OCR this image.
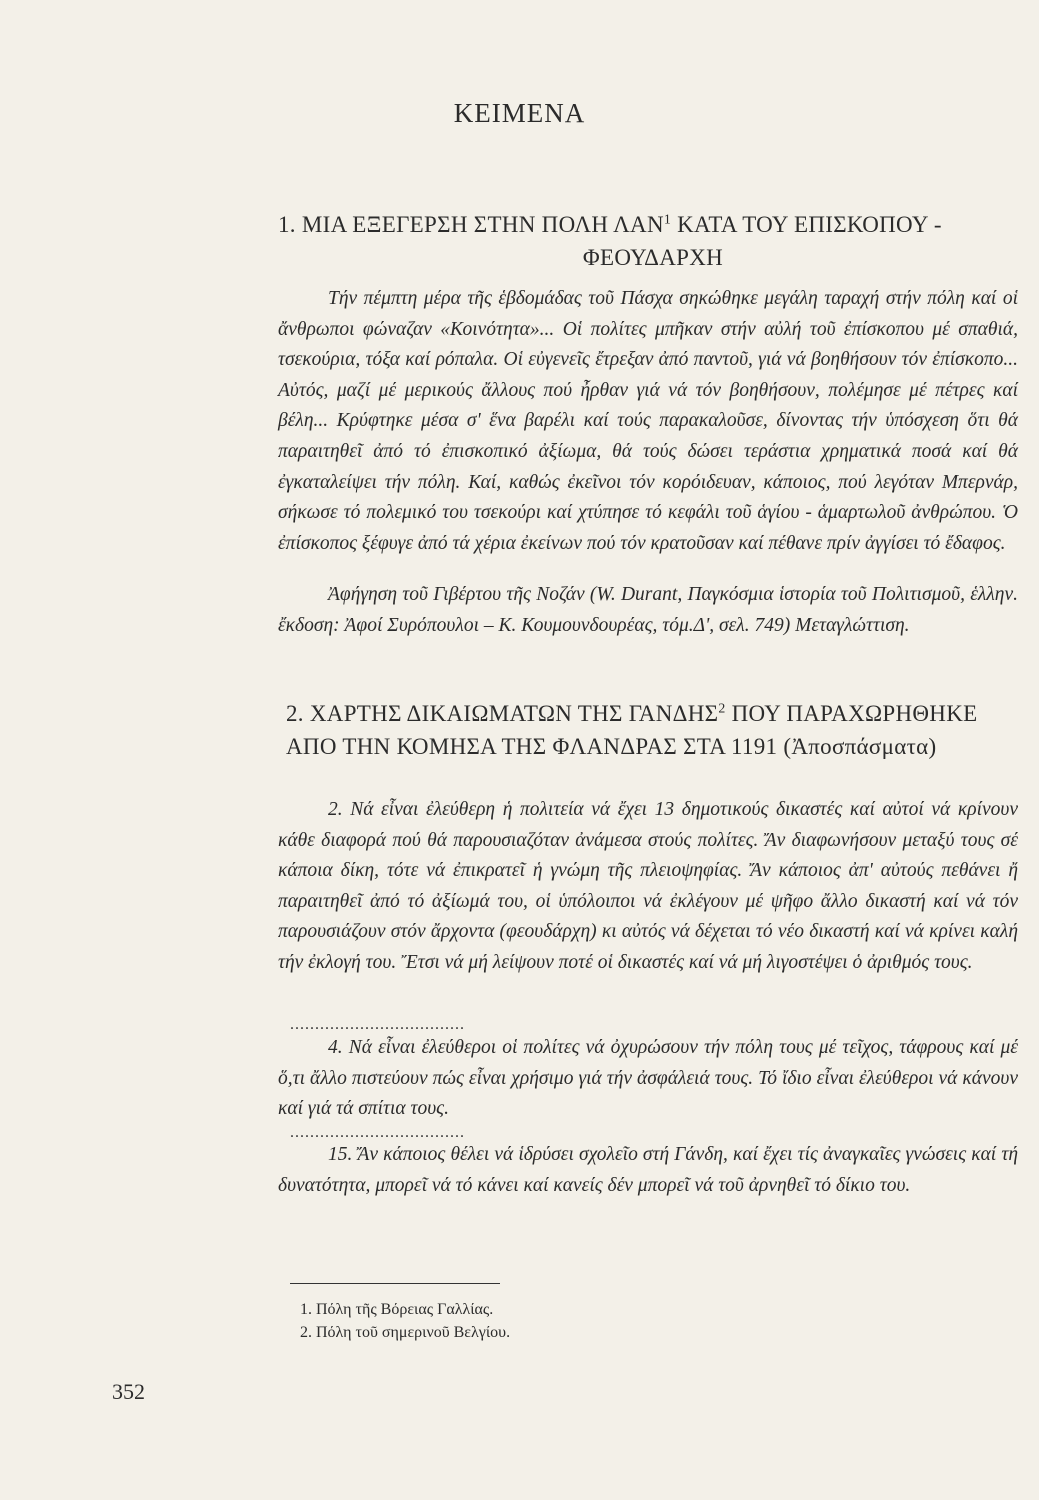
ΚΕΙΜΕΝΑ
1. ΜΙΑ ΕΞΕΓΕΡΣΗ ΣΤΗΝ ΠΟΛΗ ΛΑΝ$^1$ ΚΑΤΑ ΤΟΥ ΕΠΙΣΚΟΠΟΥ -
ΦΕΟΥΔΑΡΧΗ

Τήν πέμπτη μέρα τῆς ἑβδομάδας τοῦ Πάσχα σηκώθηκε μεγάλη ταραχή στήν πόλη καί οἱ ἄνθρωποι φώναζαν «Κοινότητα»... Οἱ πολίτες μπῆκαν στήν αὐλή τοῦ ἐπίσκοπου μέ σπαθιά, τσεκούρια, τόξα καί ρόπαλα. Οἱ εὐγενεῖς ἔτρεξαν ἀπό παντοῦ, γιά νά βοηθήσουν τόν ἐπίσκοπο... Αὐτός, μαζί μέ μερικούς ἄλλους πού ἦρθαν γιά νά τόν βοηθήσουν, πολέμησε μέ πέτρες καί βέλη... Κρύφτηκε μέσα σ' ἕνα βαρέλι καί τούς παρακαλοῦσε, δίνοντας τήν ὑπόσχεση ὅτι θά παραιτηθεῖ ἀπό τό ἐπισκοπικό ἀξίωμα, θά τούς δώσει τεράστια χρηματικά ποσά καί θά ἐγκαταλείψει τήν πόλη. Καί, καθώς ἐκεῖνοι τόν κορόιδευαν, κάποιος, πού λεγόταν Μπερνάρ, σήκωσε τό πολεμικό του τσεκούρι καί χτύπησε τό κεφάλι τοῦ ἁγίου - ἁμαρτωλοῦ ἀνθρώπου. Ὁ ἐπίσκοπος ξέφυγε ἀπό τά χέρια ἐκείνων πού τόν κρατοῦσαν καί πέθανε πρίν ἀγγίσει τό ἔδαφος.

Ἀφήγηση τοῦ Γιβέρτου τῆς Νοζάν (W. Durant, Παγκόσμια ἱστορία τοῦ Πολιτισμοῦ, ἑλλην. ἔκδοση: Ἀφοί Συρόπουλοι – Κ. Κουμουνδουρέας, τόμ.Δ', σελ. 749) Μεταγλώττιση.

2. ΧΑΡΤΗΣ ΔΙΚΑΙΩΜΑΤΩΝ ΤΗΣ ΓΑΝΔΗΣ$^2$ ΠΟΥ ΠΑΡΑΧΩΡΗΘΗΚΕ ΑΠΟ ΤΗΝ ΚΟΜΗΣΑ ΤΗΣ ΦΛΑΝΔΡΑΣ ΣΤΑ 1191 (Ἀποσπάσματα)

2. Νά εἶναι ἐλεύθερη ἡ πολιτεία νά ἔχει 13 δημοτικούς δικαστές καί αὐτοί νά κρίνουν κάθε διαφορά πού θά παρουσιαζόταν ἀνάμεσα στούς πολίτες. Ἄν διαφωνήσουν μεταξύ τους σέ κάποια δίκη, τότε νά ἐπικρατεῖ ἡ γνώμη τῆς πλειοψηφίας. Ἄν κάποιος ἀπ' αὐτούς πεθάνει ἤ παραιτηθεῖ ἀπό τό ἀξίωμά του, οἱ ὑπόλοιποι νά ἐκλέγουν μέ ψῆφο ἄλλο δικαστή καί νά τόν παρουσιάζουν στόν ἄρχοντα (φεουδάρχη) κι αὐτός νά δέχεται τό νέο δικαστή καί νά κρίνει καλή τήν ἐκλογή του. Ἔτσι νά μή λείψουν ποτέ οἱ δικαστές καί νά μή λιγοστέψει ὁ ἀριθμός τους.

...................................

4. Νά εἶναι ἐλεύθεροι οἱ πολίτες νά ὀχυρώσουν τήν πόλη τους μέ τεῖχος, τάφρους καί μέ ὅ,τι ἄλλο πιστεύουν πώς εἶναι χρήσιμο γιά τήν ἀσφάλειά τους. Τό ἴδιο εἶναι ἐλεύθεροι νά κάνουν καί γιά τά σπίτια τους.

...................................

15. Ἄν κάποιος θέλει νά ἱδρύσει σχολεῖο στή Γάνδη, καί ἔχει τίς ἀναγκαῖες γνώσεις καί τή δυνατότητα, μπορεῖ νά τό κάνει καί κανείς δέν μπορεῖ νά τοῦ ἀρνηθεῖ τό δίκιο του.

1. Πόλη τῆς Βόρειας Γαλλίας.
2. Πόλη τοῦ σημερινοῦ Βελγίου.
352
